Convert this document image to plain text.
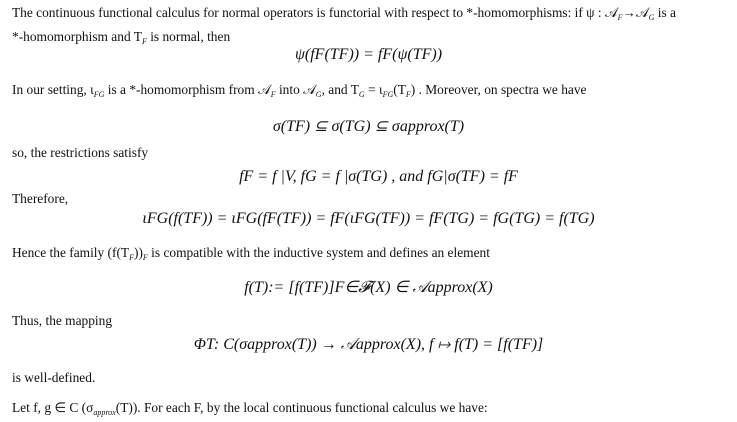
The continuous functional calculus for normal operators is functorial with respect to *-homomorphisms: if ψ : 𝒜$_F$→𝒜$_G$ is a
*-homomorphism and $T_F$ is normal, then

ψ(fF(TF)) = fF(ψ(TF))

In our setting, $\iota_{FG}$ is a *-homomorphism from 𝒜$_F$ into 𝒜$_G$, and $T_G = \iota_{FG}(T_F)$ . Moreover, on spectra we have

σ(TF) ⊆ σ(TG) ⊆ σapprox(T)

so, the restrictions satisfy

fF = f |V, fG = f |σ(TG) , and fG|σ(TF) = fF

Therefore,

ιFG(f(TF)) = ιFG(fF(TF)) = fF(ιFG(TF)) = fF(TG) = fG(TG) = f(TG)

Hence the family $(f(T_F))_F$ is compatible with the inductive system and defines an element

f(T):= [f(TF)]F∈𝓕(X) ∈ 𝒜approx(X)

Thus, the mapping

ΦT: C(σapprox(T)) → 𝒜approx(X), f ↦ f(T) = [f(TF)]

is well-defined.

Let f, g ∈ C $(\sigma_{approx}(T))$. For each F, by the local continuous functional calculus we have:
